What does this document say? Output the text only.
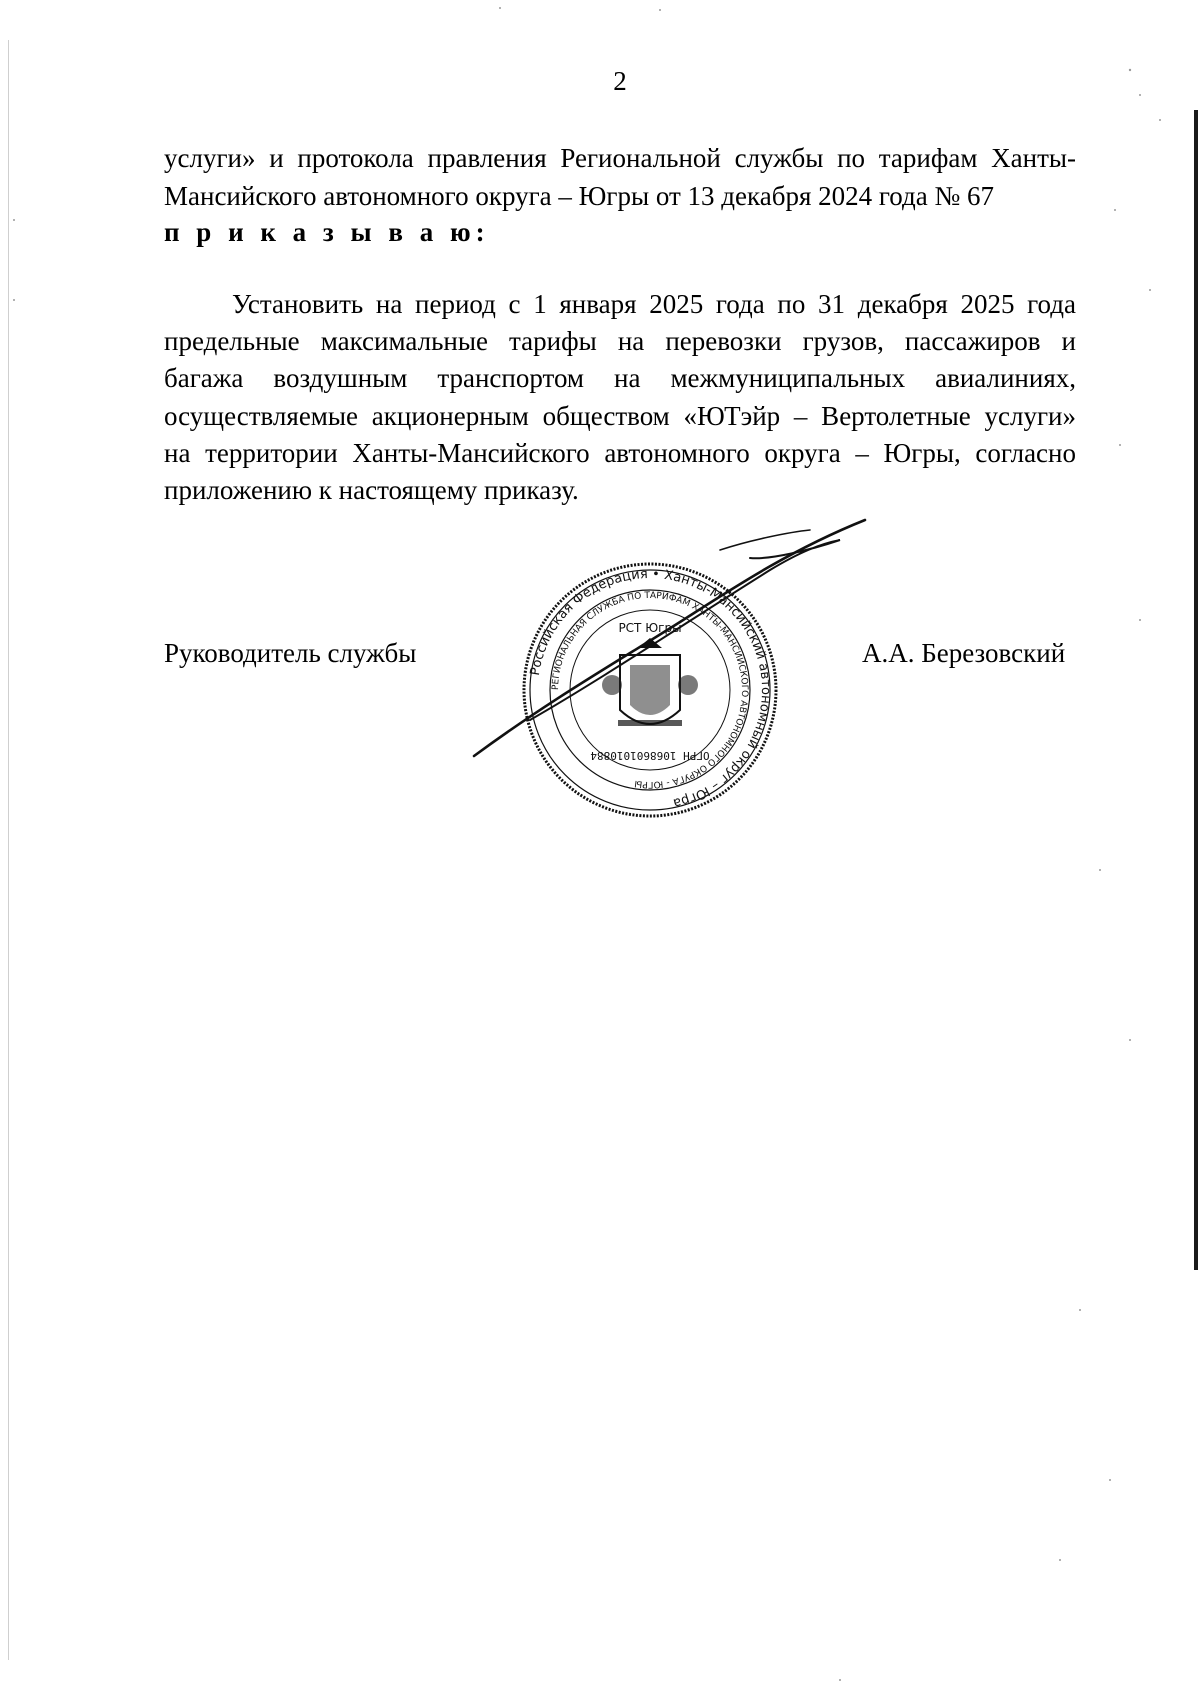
2
услуги» и протокола правления Региональной службы по тарифам Ханты-
Мансийского автономного округа – Югры от 13 декабря 2024 года № 67
п р и к а з ы в а ю:
Установить на период с 1 января 2025 года по 31 декабря 2025 года
предельные максимальные тарифы на перевозки грузов, пассажиров и
багажа воздушным транспортом на межмуниципальных авиалиниях,
осуществляемые акционерным обществом «ЮТэйр – Вертолетные услуги»
на территории Ханты-Мансийского автономного округа – Югры, согласно
приложению к настоящему приказу.
Руководитель службы	А.А. Березовский
Российская Федерация • Ханты-Мансийский автономный округ – Югра
РЕГИОНАЛЬНАЯ СЛУЖБА ПО ТАРИФАМ ХАНТЫ-МАНСИЙСКОГО АВТОНОМНОГО ОКРУГА - ЮГРЫ
РСТ Югры
ОГРН 1068601010884
